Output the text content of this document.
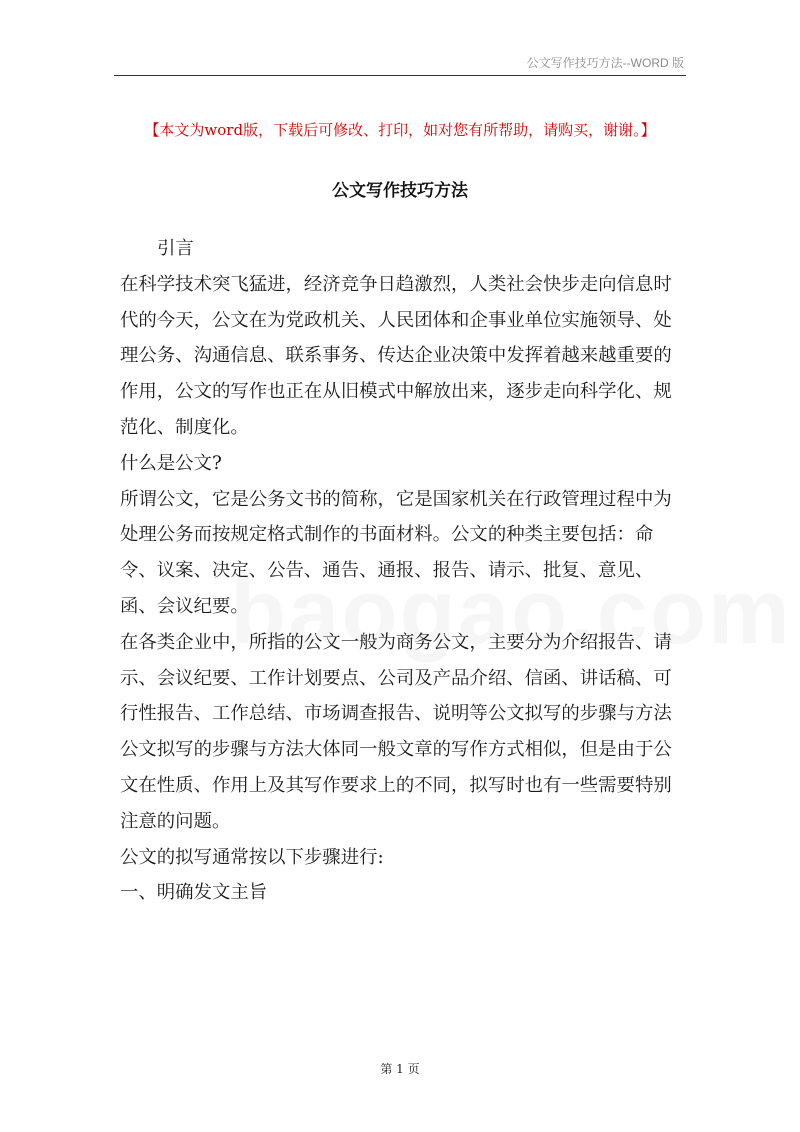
公文写作技巧方法--WORD 版
【本文为word版，下载后可修改、打印，如对您有所帮助，请购买，谢谢。】
公文写作技巧方法

引言

在科学技术突飞猛进，经济竞争日趋激烈，人类社会快步走向信息时代的今天，公文在为党政机关、人民团体和企事业单位实施领导、处理公务、沟通信息、联系事务、传达企业决策中发挥着越来越重要的作用，公文的写作也正在从旧模式中解放出来，逐步走向科学化、规范化、制度化。

什么是公文?

所谓公文，它是公务文书的简称，它是国家机关在行政管理过程中为处理公务而按规定格式制作的书面材料。公文的种类主要包括：命令、议案、决定、公告、通告、通报、报告、请示、批复、意见、函、会议纪要。

在各类企业中，所指的公文一般为商务公文，主要分为介绍报告、请示、会议纪要、工作计划要点、公司及产品介绍、信函、讲话稿、可行性报告、工作总结、市场调查报告、说明等公文拟写的步骤与方法

公文拟写的步骤与方法大体同一般文章的写作方式相似，但是由于公文在性质、作用上及其写作要求上的不同，拟写时也有一些需要特别注意的问题。

公文的拟写通常按以下步骤进行:

一、明确发文主旨

第 1 页
